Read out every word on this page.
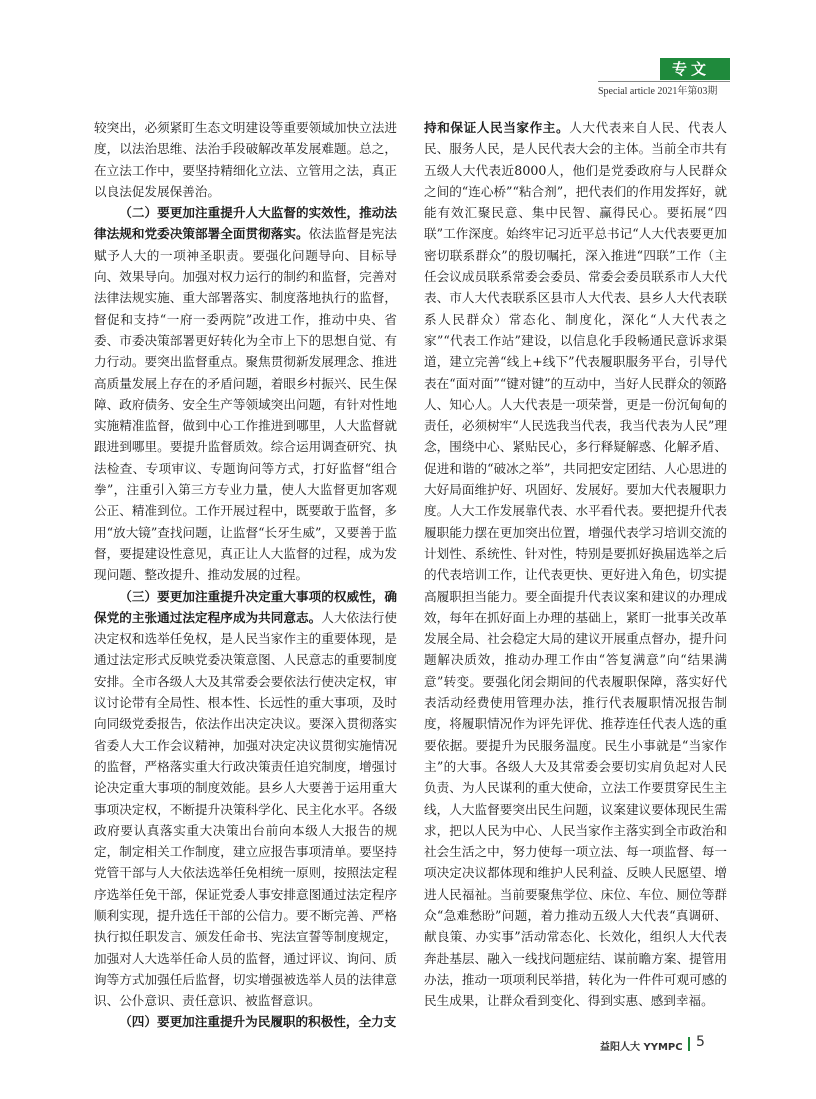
专文
Special article 2021年第03期

较突出，必须紧盯生态文明建设等重要领域加快立法进度，以法治思维、法治手段破解改革发展难题。总之，在立法工作中，要坚持精细化立法、立管用之法，真正以良法促发展保善治。

（二）要更加注重提升人大监督的实效性，推动法律法规和党委决策部署全面贯彻落实。依法监督是宪法赋予人大的一项神圣职责。要强化问题导向、目标导向、效果导向。加强对权力运行的制约和监督，完善对法律法规实施、重大部署落实、制度落地执行的监督，督促和支持“一府一委两院”改进工作，推动中央、省委、市委决策部署更好转化为全市上下的思想自觉、有力行动。要突出监督重点。聚焦贯彻新发展理念、推进高质量发展上存在的矛盾问题，着眼乡村振兴、民生保障、政府债务、安全生产等领域突出问题，有针对性地实施精准监督，做到中心工作推进到哪里，人大监督就跟进到哪里。要提升监督质效。综合运用调查研究、执法检查、专项审议、专题询问等方式，打好监督“组合拳”，注重引入第三方专业力量，使人大监督更加客观公正、精准到位。工作开展过程中，既要敢于监督，多用“放大镜”查找问题，让监督“长牙生威”，又要善于监督，要提建设性意见，真正让人大监督的过程，成为发现问题、整改提升、推动发展的过程。

（三）要更加注重提升决定重大事项的权威性，确保党的主张通过法定程序成为共同意志。人大依法行使决定权和选举任免权，是人民当家作主的重要体现，是通过法定形式反映党委决策意图、人民意志的重要制度安排。全市各级人大及其常委会要依法行使决定权，审议讨论带有全局性、根本性、长远性的重大事项，及时向同级党委报告，依法作出决定决议。要深入贯彻落实省委人大工作会议精神，加强对决定决议贯彻实施情况的监督，严格落实重大行政决策责任追究制度，增强讨论决定重大事项的制度效能。县乡人大要善于运用重大事项决定权，不断提升决策科学化、民主化水平。各级政府要认真落实重大决策出台前向本级人大报告的规定，制定相关工作制度，建立应报告事项清单。要坚持党管干部与人大依法选举任免相统一原则，按照法定程序选举任免干部，保证党委人事安排意图通过法定程序顺利实现，提升选任干部的公信力。要不断完善、严格执行拟任职发言、颁发任命书、宪法宣誓等制度规定，加强对人大选举任命人员的监督，通过评议、询问、质询等方式加强任后监督，切实增强被选举人员的法律意识、公仆意识、责任意识、被监督意识。

（四）要更加注重提升为民履职的积极性，全力支

持和保证人民当家作主。人大代表来自人民、代表人民、服务人民，是人民代表大会的主体。当前全市共有五级人大代表近8000人，他们是党委政府与人民群众之间的“连心桥”“粘合剂”，把代表们的作用发挥好，就能有效汇聚民意、集中民智、赢得民心。要拓展“四联”工作深度。始终牢记习近平总书记“人大代表要更加密切联系群众”的殷切嘱托，深入推进“四联”工作（主任会议成员联系常委会委员、常委会委员联系市人大代表、市人大代表联系区县市人大代表、县乡人大代表联系人民群众）常态化、制度化，深化“人大代表之家”“代表工作站”建设，以信息化手段畅通民意诉求渠道，建立完善“线上+线下”代表履职服务平台，引导代表在“面对面”“键对键”的互动中，当好人民群众的领路人、知心人。人大代表是一项荣誉，更是一份沉甸甸的责任，必须树牢“人民选我当代表，我当代表为人民”理念，围绕中心、紧贴民心，多行释疑解惑、化解矛盾、促进和谐的“破冰之举”，共同把安定团结、人心思进的大好局面维护好、巩固好、发展好。要加大代表履职力度。人大工作发展靠代表、水平看代表。要把提升代表履职能力摆在更加突出位置，增强代表学习培训交流的计划性、系统性、针对性，特别是要抓好换届选举之后的代表培训工作，让代表更快、更好进入角色，切实提高履职担当能力。要全面提升代表议案和建议的办理成效，每年在抓好面上办理的基础上，紧盯一批事关改革发展全局、社会稳定大局的建议开展重点督办，提升问题解决质效，推动办理工作由“答复满意”向“结果满意”转变。要强化闭会期间的代表履职保障，落实好代表活动经费使用管理办法，推行代表履职情况报告制度，将履职情况作为评先评优、推荐连任代表人选的重要依据。要提升为民服务温度。民生小事就是“当家作主”的大事。各级人大及其常委会要切实肩负起对人民负责、为人民谋利的重大使命，立法工作要贯穿民生主线，人大监督要突出民生问题，议案建议要体现民生需求，把以人民为中心、人民当家作主落实到全市政治和社会生活之中，努力使每一项立法、每一项监督、每一项决定决议都体现和维护人民利益、反映人民愿望、增进人民福祉。当前要聚焦学位、床位、车位、厕位等群众“急难愁盼”问题，着力推动五级人大代表“真调研、献良策、办实事”活动常态化、长效化，组织人大代表奔赴基层、融入一线找问题症结、谋前瞻方案、提管用办法，推动一项项利民举措，转化为一件件可观可感的民生成果，让群众看到变化、得到实惠、感到幸福。

益阳人大 YYMPC 5
